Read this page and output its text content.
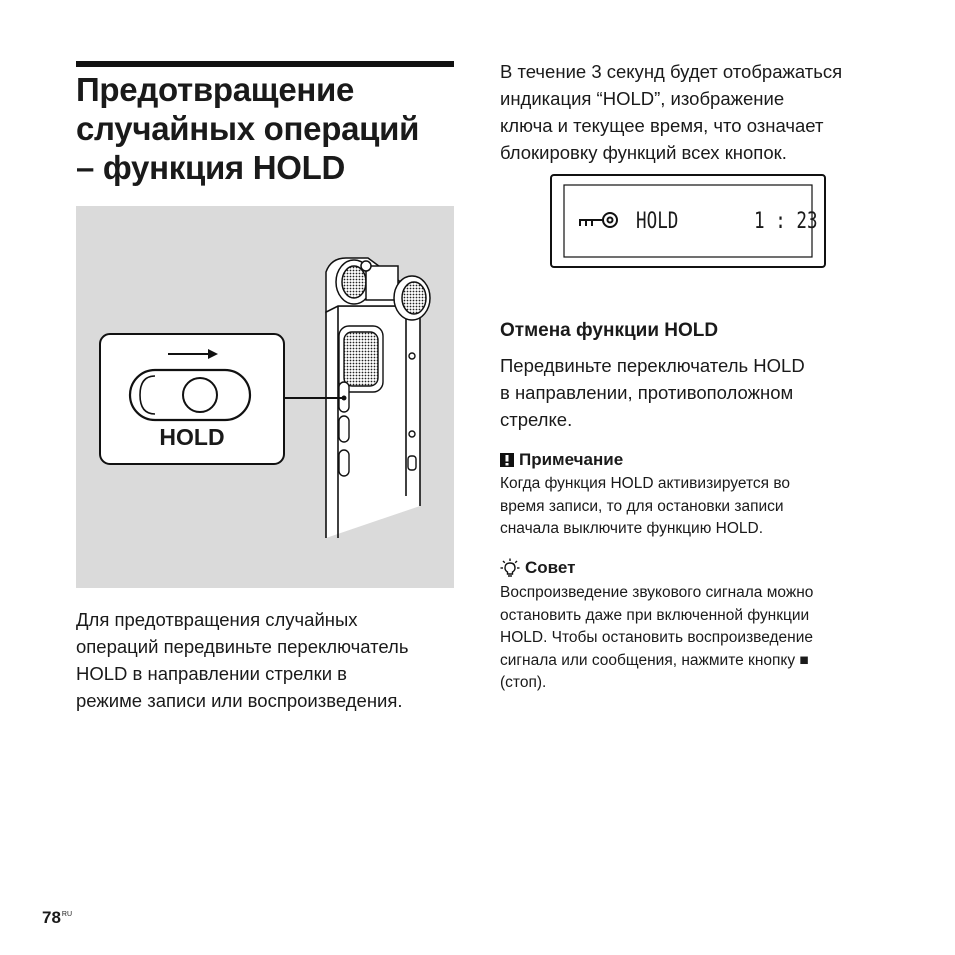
Предотвращение
случайных операций
– функция HOLD
HOLD

Для предотвращения случайных
операций передвиньте переключатель
HOLD в направлении стрелки в
режиме записи или воспроизведения.

В течение 3 секунд будет отображаться
индикация “HOLD”, изображение
ключа и текущее время, что означает
блокировку функций всех кнопок.

HOLD	1 : 23
Отмена функции HOLD

Передвиньте переключатель HOLD
в направлении, противоположном
стрелке.

Примечание

Когда функция HOLD активизируется во
время записи, то для остановки записи
сначала выключите функцию HOLD.

Совет

Воспроизведение звукового сигнала можно
остановить даже при включенной функции
HOLD. Чтобы остановить воспроизведение
сигнала или сообщения, нажмите кнопку ■
(стоп).

$78^{RU}$
